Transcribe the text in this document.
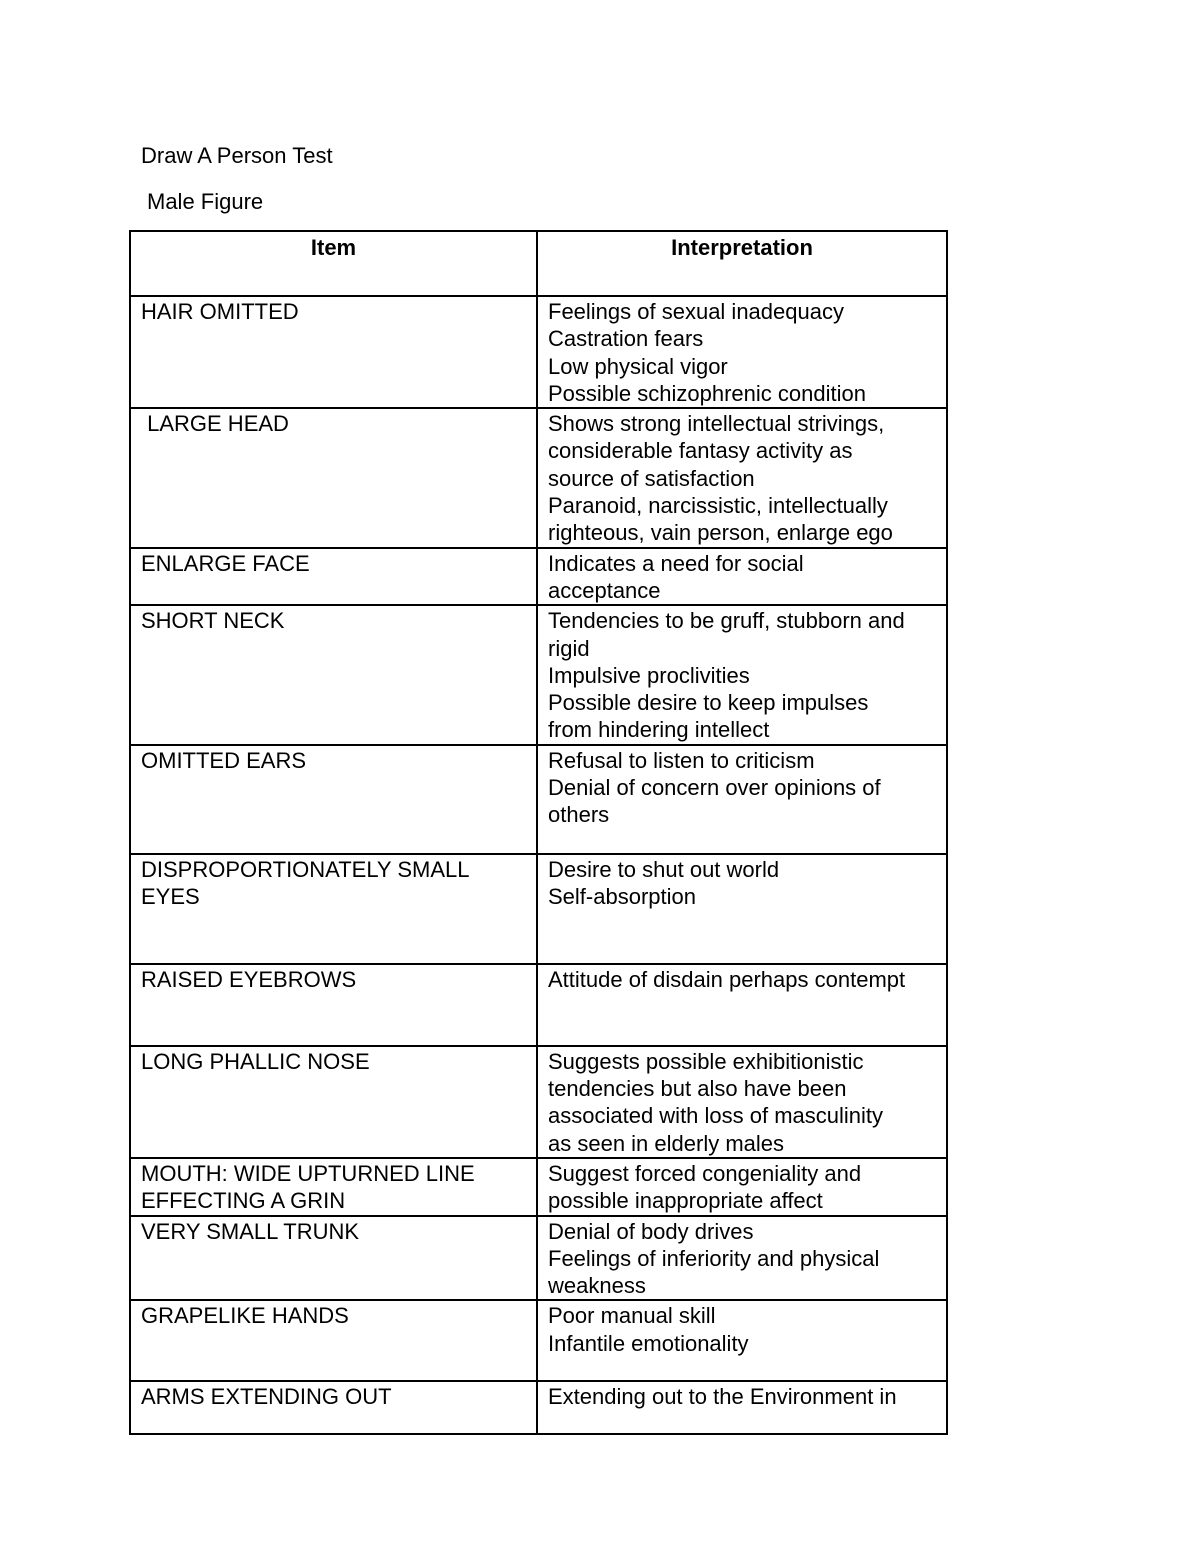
Draw A Person Test
Male Figure
Item	Interpretation

HAIR OMITTED	Feelings of sexual inadequacy
Castration fears
Low physical vigor
Possible schizophrenic condition

LARGE HEAD	Shows strong intellectual strivings,
considerable fantasy activity as
source of satisfaction
Paranoid, narcissistic, intellectually
righteous, vain person, enlarge ego

ENLARGE FACE	Indicates a need for social
acceptance

SHORT NECK	Tendencies to be gruff, stubborn and
rigid
Impulsive proclivities
Possible desire to keep impulses
from hindering intellect

OMITTED EARS	Refusal to listen to criticism
Denial of concern over opinions of
others

DISPROPORTIONATELY SMALL
EYES	Desire to shut out world
Self-absorption

RAISED EYEBROWS	Attitude of disdain perhaps contempt

LONG PHALLIC NOSE	Suggests possible exhibitionistic
tendencies but also have been
associated with loss of masculinity
as seen in elderly males

MOUTH: WIDE UPTURNED LINE
EFFECTING A GRIN	Suggest forced congeniality and
possible inappropriate affect

VERY SMALL TRUNK	Denial of body drives
Feelings of inferiority and physical
weakness

GRAPELIKE HANDS	Poor manual skill
Infantile emotionality

ARMS EXTENDING OUT	Extending out to the Environment in
